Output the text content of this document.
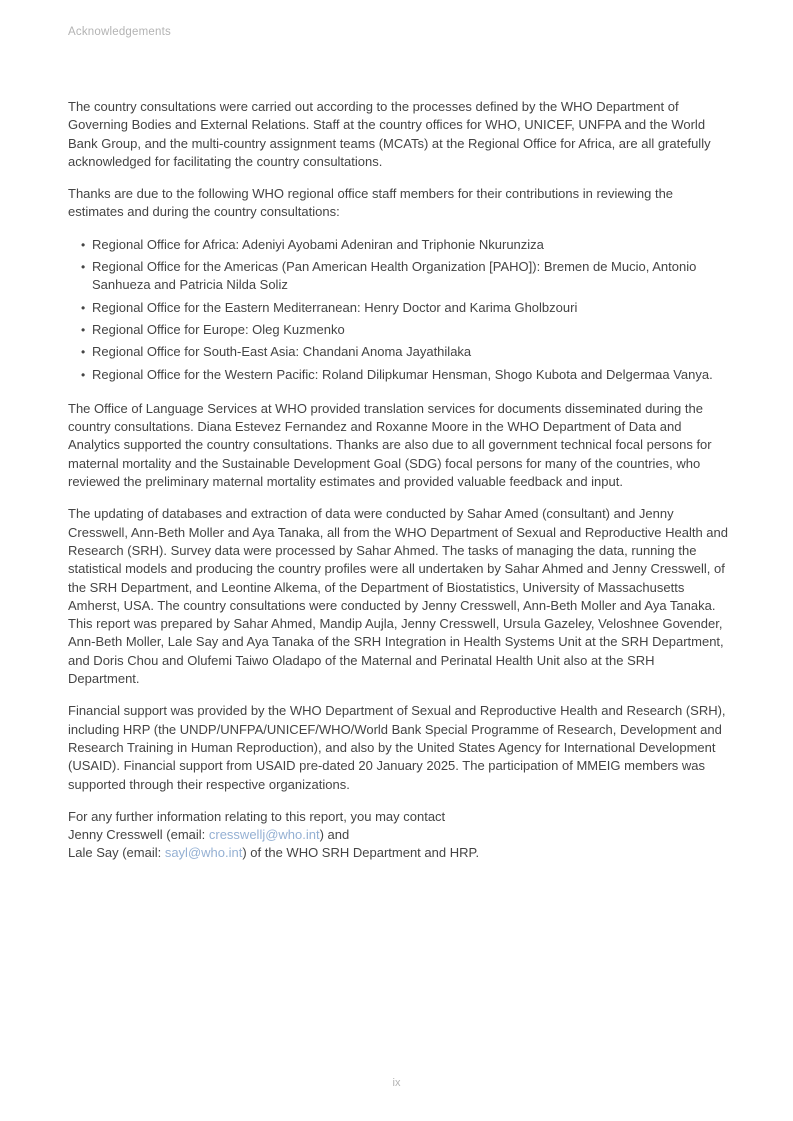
Acknowledgements

The country consultations were carried out according to the processes defined by the WHO Department of Governing Bodies and External Relations. Staff at the country offices for WHO, UNICEF, UNFPA and the World Bank Group, and the multi-country assignment teams (MCATs) at the Regional Office for Africa, are all gratefully acknowledged for facilitating the country consultations.

Thanks are due to the following WHO regional office staff members for their contributions in reviewing the estimates and during the country consultations:

• Regional Office for Africa: Adeniyi Ayobami Adeniran and Triphonie Nkurunziza
• Regional Office for the Americas (Pan American Health Organization [PAHO]): Bremen de Mucio, Antonio Sanhueza and Patricia Nilda Soliz
• Regional Office for the Eastern Mediterranean: Henry Doctor and Karima Gholbzouri
• Regional Office for Europe: Oleg Kuzmenko
• Regional Office for South-East Asia: Chandani Anoma Jayathilaka
• Regional Office for the Western Pacific: Roland Dilipkumar Hensman, Shogo Kubota and Delgermaa Vanya.

The Office of Language Services at WHO provided translation services for documents disseminated during the country consultations. Diana Estevez Fernandez and Roxanne Moore in the WHO Department of Data and Analytics supported the country consultations. Thanks are also due to all government technical focal persons for maternal mortality and the Sustainable Development Goal (SDG) focal persons for many of the countries, who reviewed the preliminary maternal mortality estimates and provided valuable feedback and input.

The updating of databases and extraction of data were conducted by Sahar Amed (consultant) and Jenny Cresswell, Ann-Beth Moller and Aya Tanaka, all from the WHO Department of Sexual and Reproductive Health and Research (SRH). Survey data were processed by Sahar Ahmed. The tasks of managing the data, running the statistical models and producing the country profiles were all undertaken by Sahar Ahmed and Jenny Cresswell, of the SRH Department, and Leontine Alkema, of the Department of Biostatistics, University of Massachusetts Amherst, USA. The country consultations were conducted by Jenny Cresswell, Ann-Beth Moller and Aya Tanaka. This report was prepared by Sahar Ahmed, Mandip Aujla, Jenny Cresswell, Ursula Gazeley, Veloshnee Govender, Ann-Beth Moller, Lale Say and Aya Tanaka of the SRH Integration in Health Systems Unit at the SRH Department, and Doris Chou and Olufemi Taiwo Oladapo of the Maternal and Perinatal Health Unit also at the SRH Department.

Financial support was provided by the WHO Department of Sexual and Reproductive Health and Research (SRH), including HRP (the UNDP/UNFPA/UNICEF/WHO/World Bank Special Programme of Research, Development and Research Training in Human Reproduction), and also by the United States Agency for International Development (USAID). Financial support from USAID pre-dated 20 January 2025. The participation of MMEIG members was supported through their respective organizations.

For any further information relating to this report, you may contact
Jenny Cresswell (email: cresswellj@who.int) and
Lale Say (email: sayl@who.int) of the WHO SRH Department and HRP.

ix
